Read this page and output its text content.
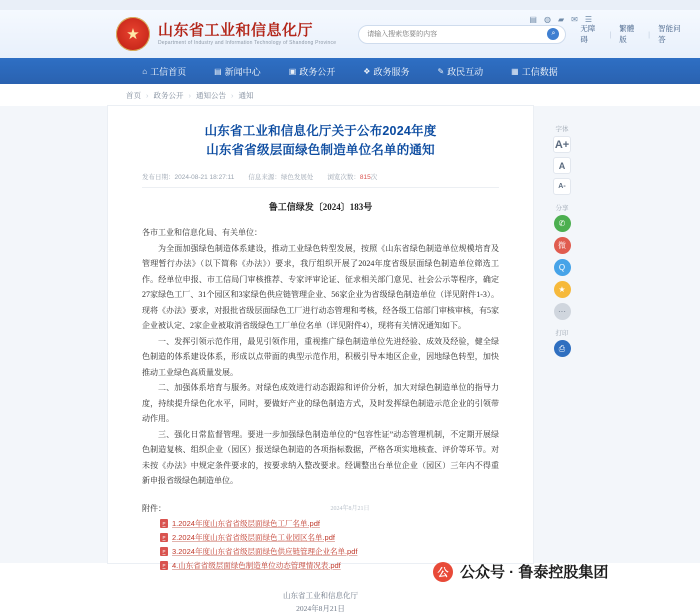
★	山东省工业和信息化厅
Department of Industry and Information Technology of Shandong Province
请输入搜索您要的内容
⌕
无障碍
|
繁體版
|
智能问答
▤ ◍ ▰ ✉ ☰
⌂ 工信首页	▤ 新闻中心	▣ 政务公开	❖ 政务服务	✎ 政民互动	▦ 工信数据
首页 › 政务公开 › 通知公告 › 通知
山东省工业和信息化厅关于公布2024年度
山东省省级层面绿色制造单位名单的通知
发布日期：2024-08-21 18:27:11 信息来源：绿色发展处 浏览次数：815次
鲁工信绿发〔2024〕183号

各市工业和信息化局、有关单位：

为全面加强绿色制造体系建设，推动工业绿色转型发展，按照《山东省绿色制造单位规模培育及管理暂行办法》（以下简称《办法》）要求，我厅组织开展了2024年度省级层面绿色制造单位筛选工作。经单位申报、市工信局门审核推荐、专家评审论证、征求相关部门意见、社会公示等程序，确定27家绿色工厂、31个园区和3家绿色供应链管理企业、56家企业为省级绿色制造单位（详见附件1-3）。现将《办法》要求，对报批省级层面绿色工厂进行动态管理和考核，经各级工信部门审核审核，有5家企业被认定、2家企业被取消省级绿色工厂单位名单（详见附件4），现将有关情况通知如下。

一、发挥引领示范作用，最见引领作用，重视推广绿色制造单位先进经验、成效及经验，健全绿色制造的体系建设体系，形成以点带面的典型示范作用，积极引导本地区企业，因地绿色转型，加快推动工业绿色高质量发展。

二、加强体系培育与服务。对绿色成效进行动态跟踪和评价分析，加大对绿色制造单位的指导力度，持续提升绿色化水平，同时，要做好产业的绿色制造方式，及时发挥绿色制造示范企业的引领带动作用。

三、强化日常监督管理。要进一步加强绿色制造单位的“包容性证”动态管理机制，不定期开展绿色制造复核、组织企业（园区）报送绿色制造的各项指标数据，严格各项实地核查、评价等环节。对未按《办法》中规定条件要求的，按要求纳入整改要求。经调整出台单位企业（园区）三年内不得重新申报省级绿色制造单位。

附件：
P 1.2024年度山东省省级层面绿色工厂名单.pdf
P 2.2024年度山东省省级层面绿色工业园区名单.pdf
P 3.2024年度山东省省级层面绿色供应链管理企业名单.pdf
P 4.山东省省级层面绿色制造单位动态管理情况表.pdf
山东省工业和信息化厅
2024年8月21日
字体
A+
A
A-
分享
✆
微
Q
★
···
打印
⎙
公 公众号 · 鲁泰控股集团
2024年8月21日
